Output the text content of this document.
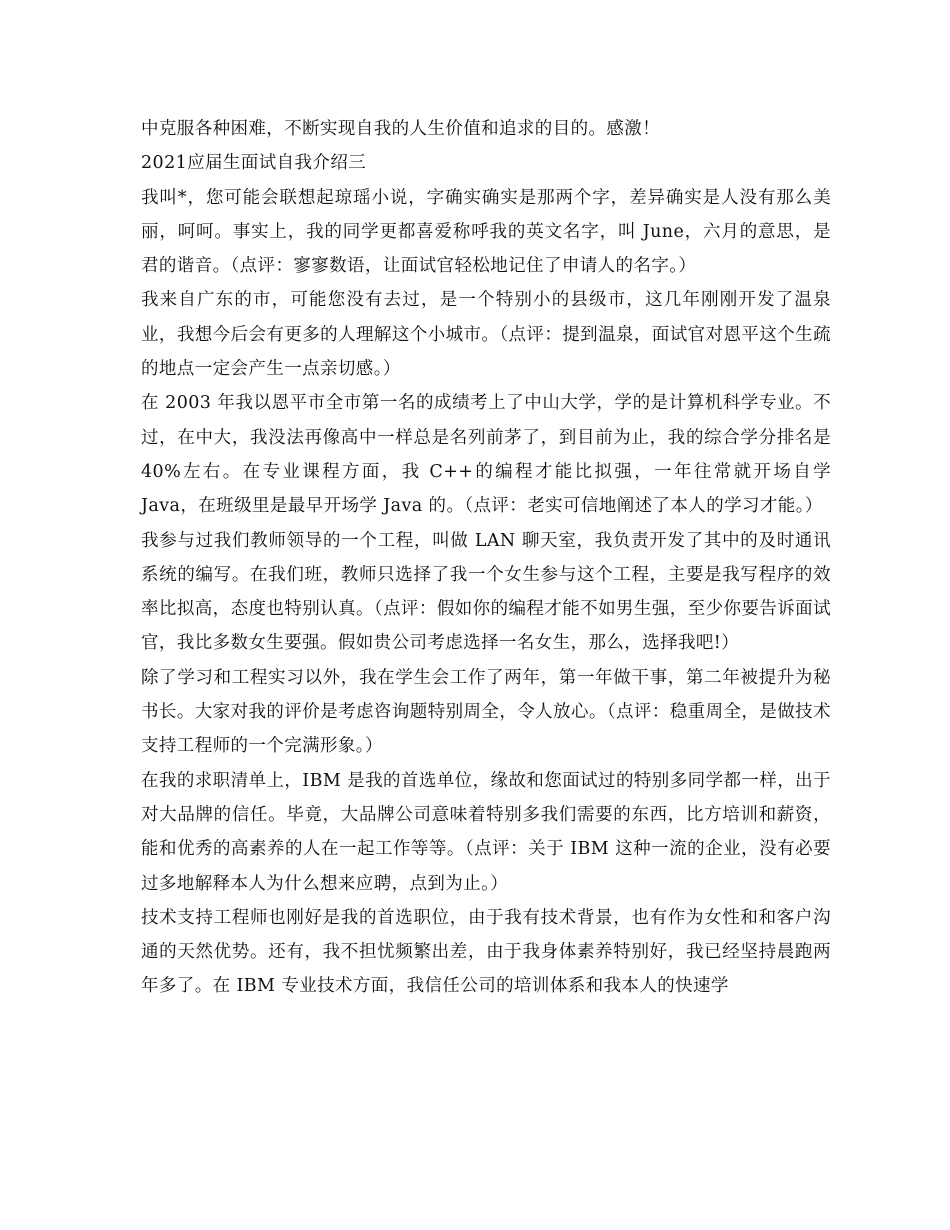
中克服各种困难，不断实现自我的人生价值和追求的目的。感激！

2021应届生面试自我介绍三

我叫*，您可能会联想起琼瑶小说，字确实确实是那两个字，差异确实是人没有那么美丽，呵呵。事实上，我的同学更都喜爱称呼我的英文名字，叫 June，六月的意思，是君的谐音。（点评：寥寥数语，让面试官轻松地记住了申请人的名字。）

我来自广东的市，可能您没有去过，是一个特别小的县级市，这几年刚刚开发了温泉业，我想今后会有更多的人理解这个小城市。（点评：提到温泉，面试官对恩平这个生疏的地点一定会产生一点亲切感。）

在 2003 年我以恩平市全市第一名的成绩考上了中山大学，学的是计算机科学专业。不过，在中大，我没法再像高中一样总是名列前茅了，到目前为止，我的综合学分排名是 40%左右。在专业课程方面，我 C++的编程才能比拟强，一年往常就开场自学 Java，在班级里是最早开场学 Java 的。（点评：老实可信地阐述了本人的学习才能。）

我参与过我们教师领导的一个工程，叫做 LAN 聊天室，我负责开发了其中的及时通讯系统的编写。在我们班，教师只选择了我一个女生参与这个工程，主要是我写程序的效率比拟高，态度也特别认真。（点评：假如你的编程才能不如男生强，至少你要告诉面试官，我比多数女生要强。假如贵公司考虑选择一名女生，那么，选择我吧!）

除了学习和工程实习以外，我在学生会工作了两年，第一年做干事，第二年被提升为秘书长。大家对我的评价是考虑咨询题特别周全，令人放心。（点评：稳重周全，是做技术支持工程师的一个完满形象。）

在我的求职清单上，IBM 是我的首选单位，缘故和您面试过的特别多同学都一样，出于对大品牌的信任。毕竟，大品牌公司意味着特别多我们需要的东西，比方培训和薪资，能和优秀的高素养的人在一起工作等等。（点评：关于 IBM 这种一流的企业，没有必要过多地解释本人为什么想来应聘，点到为止。）

技术支持工程师也刚好是我的首选职位，由于我有技术背景，也有作为女性和和客户沟通的天然优势。还有，我不担忧频繁出差，由于我身体素养特别好，我已经坚持晨跑两年多了。在 IBM 专业技术方面，我信任公司的培训体系和我本人的快速学
